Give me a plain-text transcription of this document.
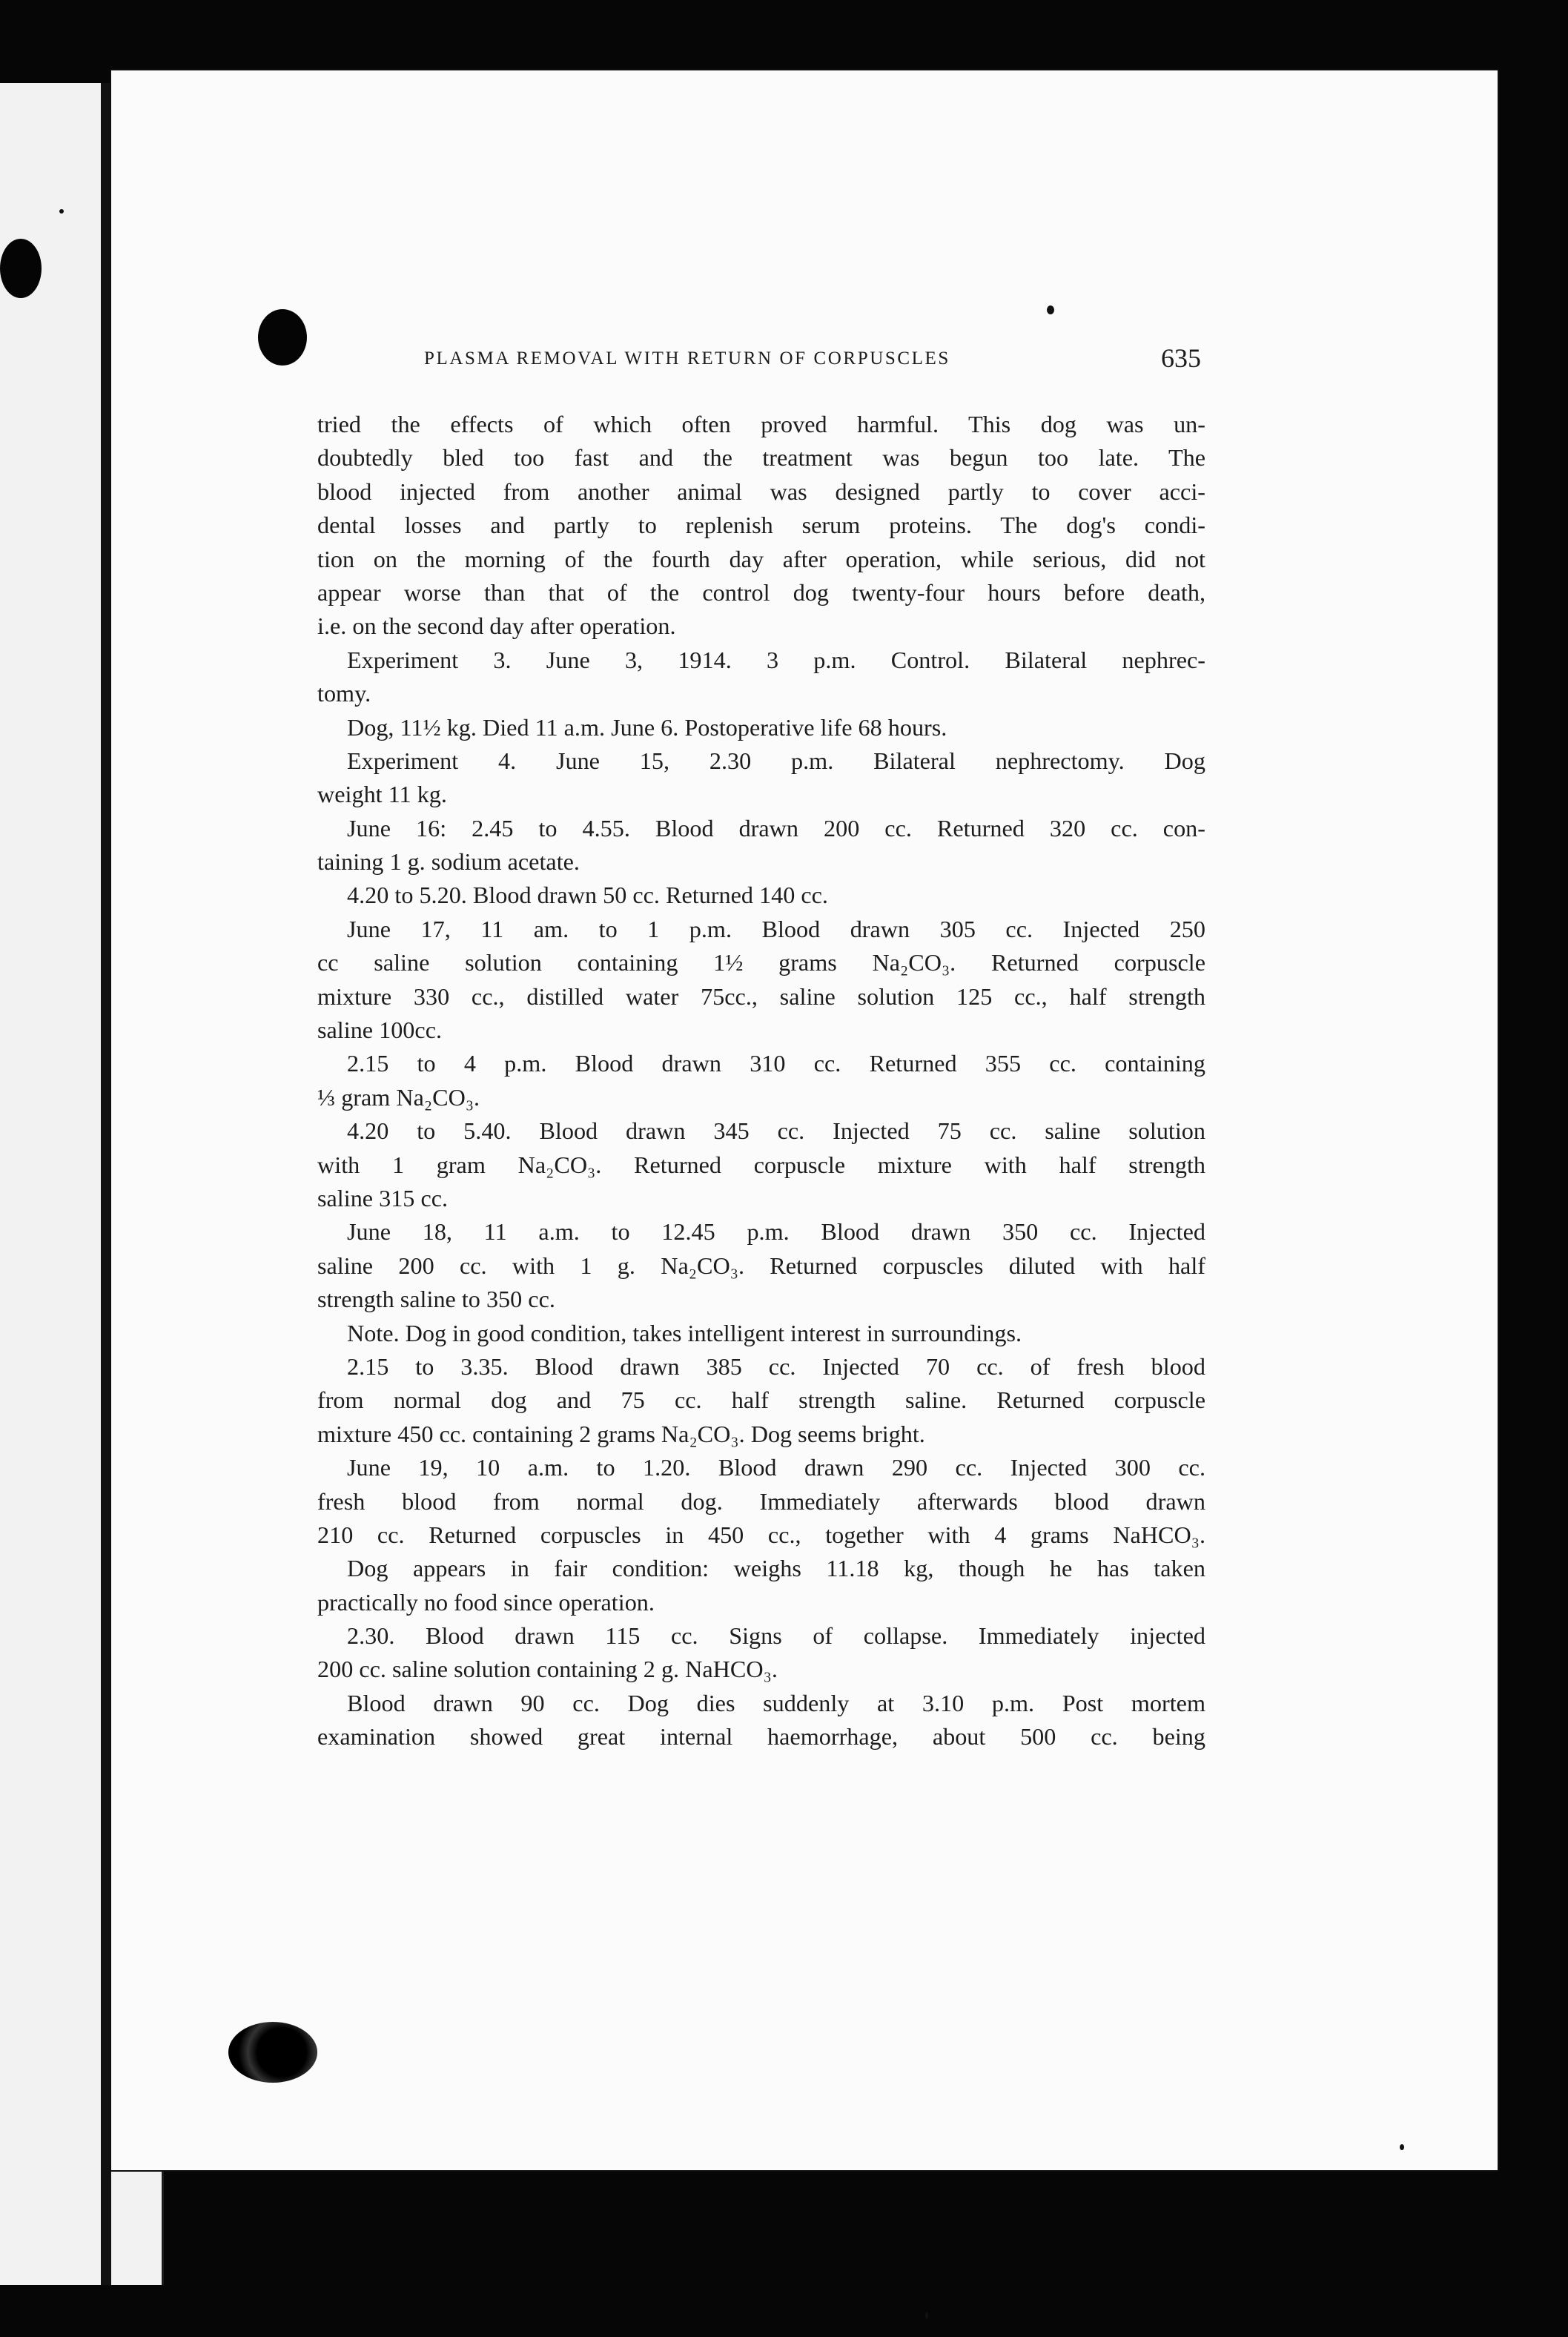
PLASMA REMOVAL WITH RETURN OF CORPUSCLES	635
tried the effects of which often proved harmful. This dog was un-
doubtedly bled too fast and the treatment was begun too late. The
blood injected from another animal was designed partly to cover acci-
dental losses and partly to replenish serum proteins. The dog's condi-
tion on the morning of the fourth day after operation, while serious, did not
appear worse than that of the control dog twenty-four hours before death,
i.e. on the second day after operation.
Experiment 3. June 3, 1914. 3 p.m. Control. Bilateral nephrec-
tomy.
Dog, 11½ kg. Died 11 a.m. June 6. Postoperative life 68 hours.
Experiment 4. June 15, 2.30 p.m. Bilateral nephrectomy. Dog
weight 11 kg.
June 16: 2.45 to 4.55. Blood drawn 200 cc. Returned 320 cc. con-
taining 1 g. sodium acetate.
4.20 to 5.20. Blood drawn 50 cc. Returned 140 cc.
June 17, 11 am. to 1 p.m. Blood drawn 305 cc. Injected 250
cc saline solution containing 1½ grams Na₂CO₃. Returned corpuscle
mixture 330 cc., distilled water 75cc., saline solution 125 cc., half strength
saline 100cc.
2.15 to 4 p.m. Blood drawn 310 cc. Returned 355 cc. containing
⅓ gram Na₂CO₃.
4.20 to 5.40. Blood drawn 345 cc. Injected 75 cc. saline solution
with 1 gram Na₂CO₃. Returned corpuscle mixture with half strength
saline 315 cc.
June 18, 11 a.m. to 12.45 p.m. Blood drawn 350 cc. Injected
saline 200 cc. with 1 g. Na₂CO₃. Returned corpuscles diluted with half
strength saline to 350 cc.
Note. Dog in good condition, takes intelligent interest in surroundings.
2.15 to 3.35. Blood drawn 385 cc. Injected 70 cc. of fresh blood
from normal dog and 75 cc. half strength saline. Returned corpuscle
mixture 450 cc. containing 2 grams Na₂CO₃. Dog seems bright.
June 19, 10 a.m. to 1.20. Blood drawn 290 cc. Injected 300 cc.
fresh blood from normal dog. Immediately afterwards blood drawn
210 cc. Returned corpuscles in 450 cc., together with 4 grams NaHCO₃.
Dog appears in fair condition: weighs 11.18 kg, though he has taken
practically no food since operation.
2.30. Blood drawn 115 cc. Signs of collapse. Immediately injected
200 cc. saline solution containing 2 g. NaHCO₃.
Blood drawn 90 cc. Dog dies suddenly at 3.10 p.m. Post mortem
examination showed great internal haemorrhage, about 500 cc. being
